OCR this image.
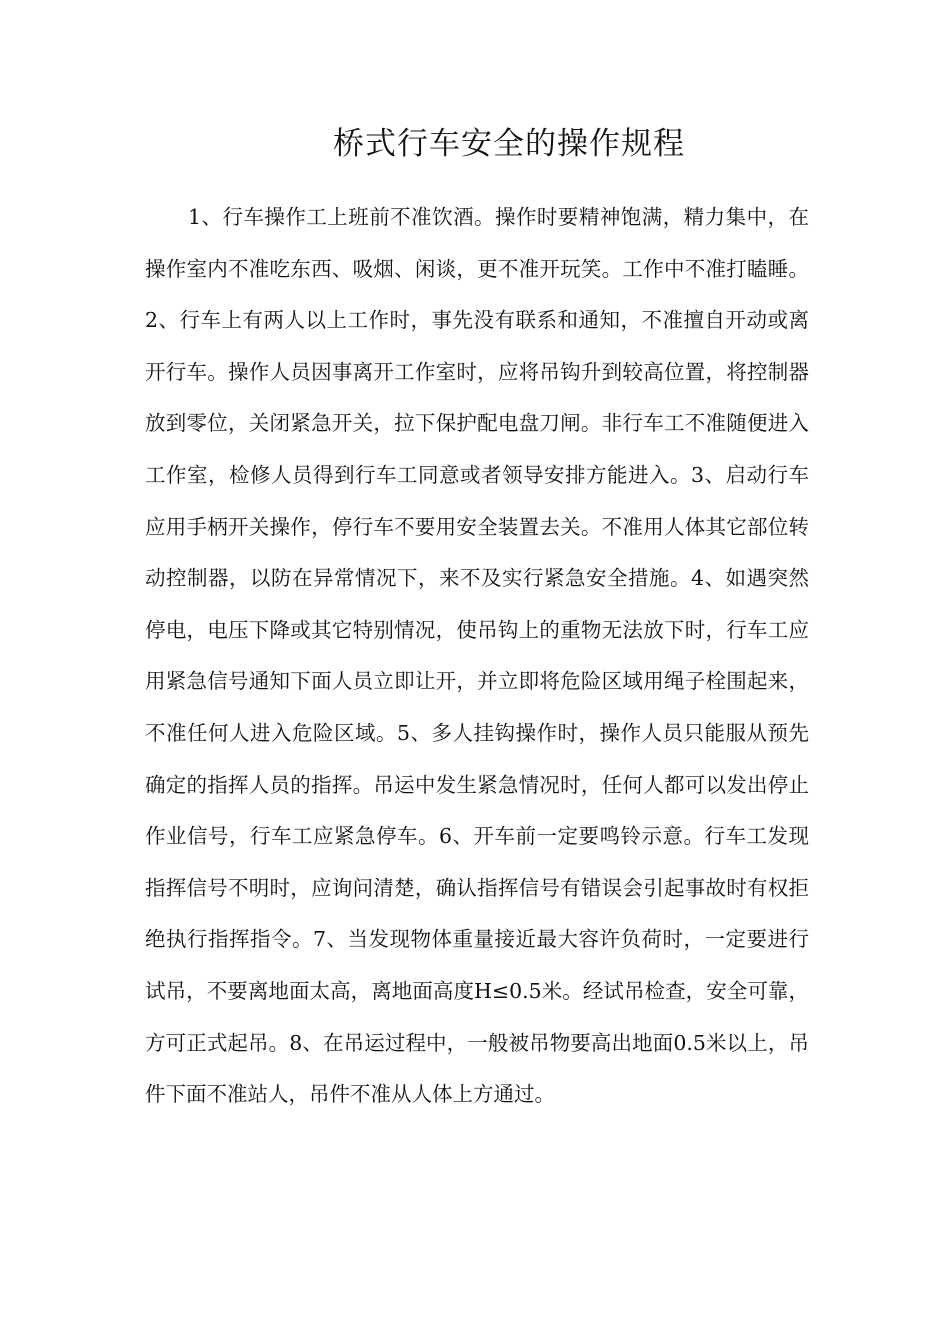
桥式行车安全的操作规程

1、行车操作工上班前不准饮酒。操作时要精神饱满，精力集中，在操作室内不准吃东西、吸烟、闲谈，更不准开玩笑。工作中不准打瞌睡。2、行车上有两人以上工作时，事先没有联系和通知，不准擅自开动或离开行车。操作人员因事离开工作室时，应将吊钩升到较高位置，将控制器放到零位，关闭紧急开关，拉下保护配电盘刀闸。非行车工不准随便进入工作室，检修人员得到行车工同意或者领导安排方能进入。3、启动行车应用手柄开关操作，停行车不要用安全装置去关。不准用人体其它部位转动控制器，以防在异常情况下，来不及实行紧急安全措施。4、如遇突然停电，电压下降或其它特别情况，使吊钩上的重物无法放下时，行车工应用紧急信号通知下面人员立即让开，并立即将危险区域用绳子栓围起来，不准任何人进入危险区域。5、多人挂钩操作时，操作人员只能服从预先确定的指挥人员的指挥。吊运中发生紧急情况时，任何人都可以发出停止作业信号，行车工应紧急停车。6、开车前一定要鸣铃示意。行车工发现指挥信号不明时，应询问清楚，确认指挥信号有错误会引起事故时有权拒绝执行指挥指令。7、当发现物体重量接近最大容许负荷时，一定要进行试吊，不要离地面太高，离地面高度H≤0.5米。经试吊检查，安全可靠，方可正式起吊。8、在吊运过程中，一般被吊物要高出地面0.5米以上，吊件下面不准站人，吊件不准从人体上方通过。
